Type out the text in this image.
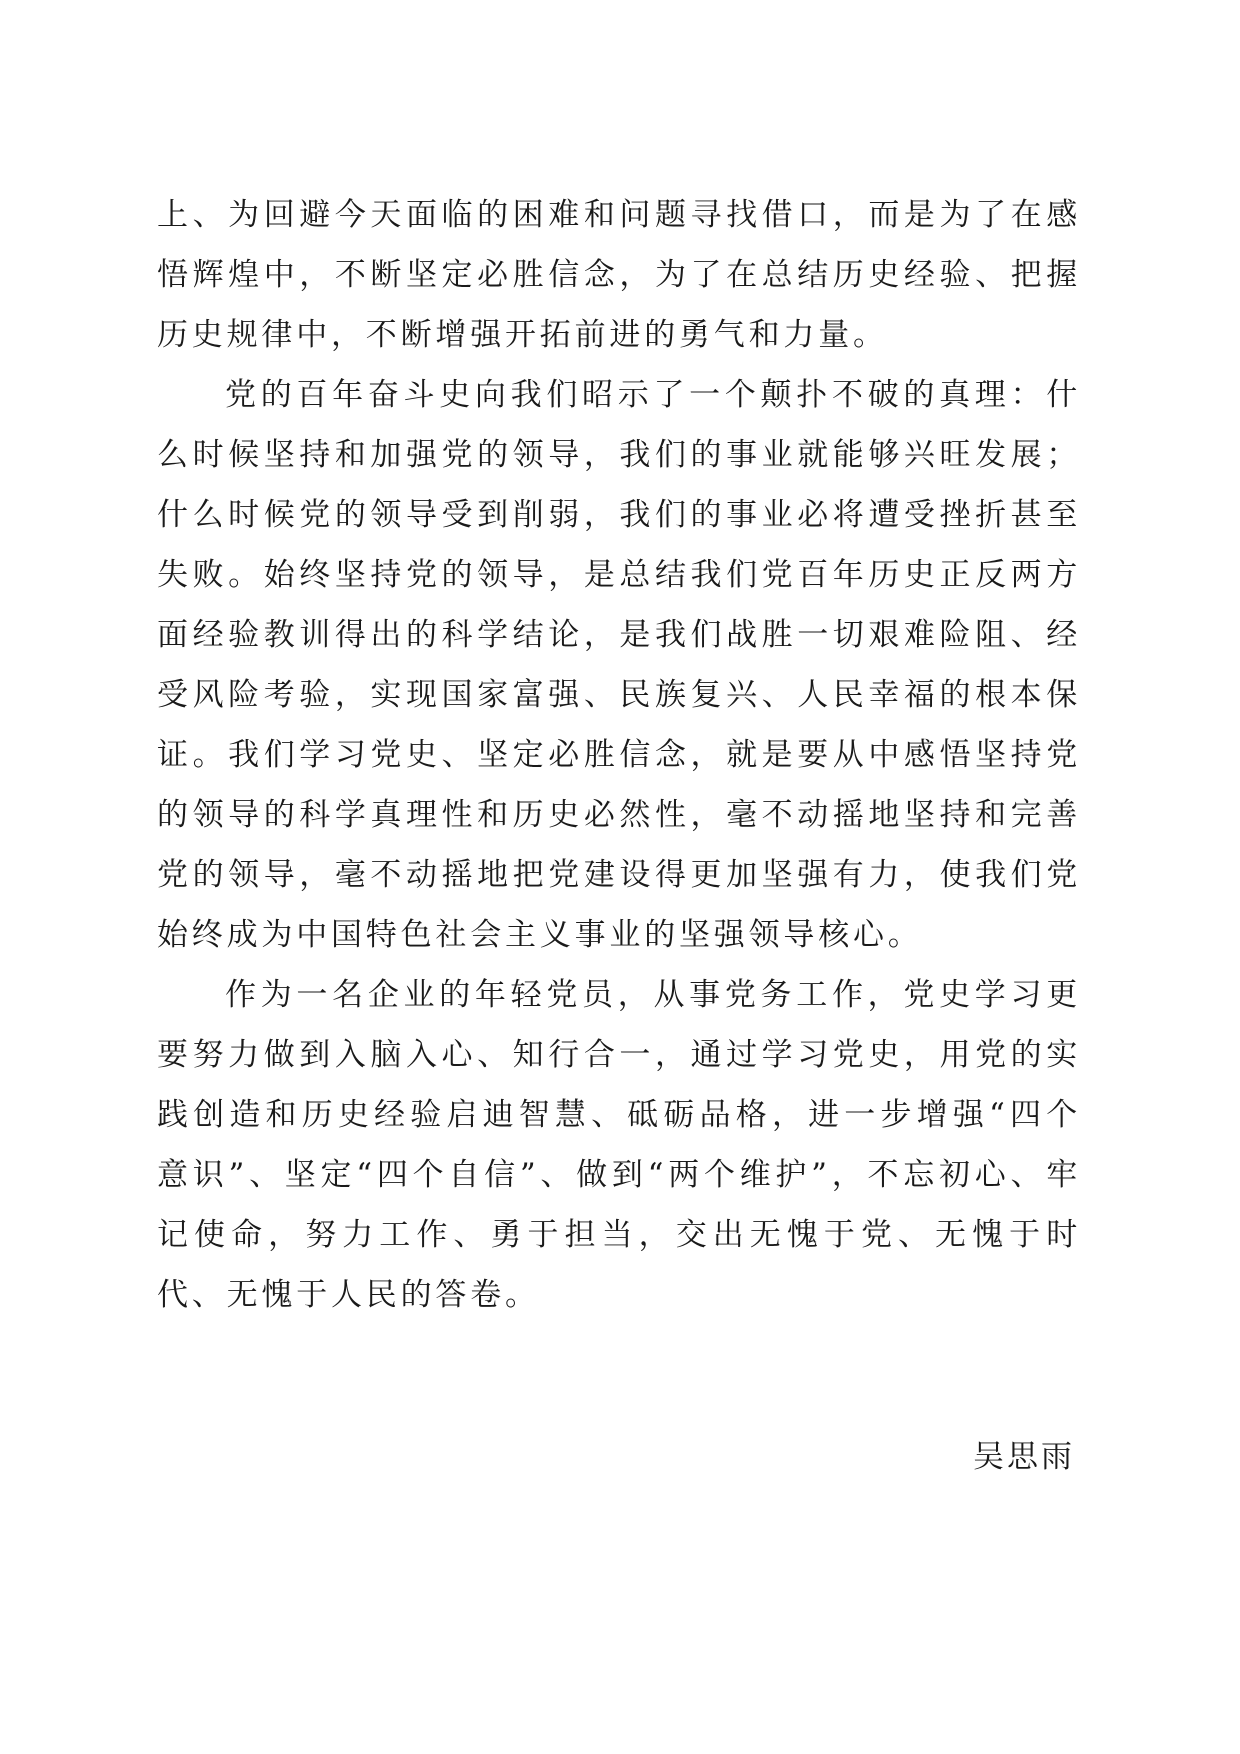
上、为回避今天面临的困难和问题寻找借口，而是为了在感悟辉煌中，不断坚定必胜信念，为了在总结历史经验、把握历史规律中，不断增强开拓前进的勇气和力量。

党的百年奋斗史向我们昭示了一个颠扑不破的真理：什么时候坚持和加强党的领导，我们的事业就能够兴旺发展；什么时候党的领导受到削弱，我们的事业必将遭受挫折甚至失败。始终坚持党的领导，是总结我们党百年历史正反两方面经验教训得出的科学结论，是我们战胜一切艰难险阻、经受风险考验，实现国家富强、民族复兴、人民幸福的根本保证。我们学习党史、坚定必胜信念，就是要从中感悟坚持党的领导的科学真理性和历史必然性，毫不动摇地坚持和完善党的领导，毫不动摇地把党建设得更加坚强有力，使我们党始终成为中国特色社会主义事业的坚强领导核心。

作为一名企业的年轻党员，从事党务工作，党史学习更要努力做到入脑入心、知行合一，通过学习党史，用党的实践创造和历史经验启迪智慧、砥砺品格，进一步增强“四个意识”、坚定“四个自信”、做到“两个维护”，不忘初心、牢记使命，努力工作、勇于担当，交出无愧于党、无愧于时代、无愧于人民的答卷。

吴思雨
